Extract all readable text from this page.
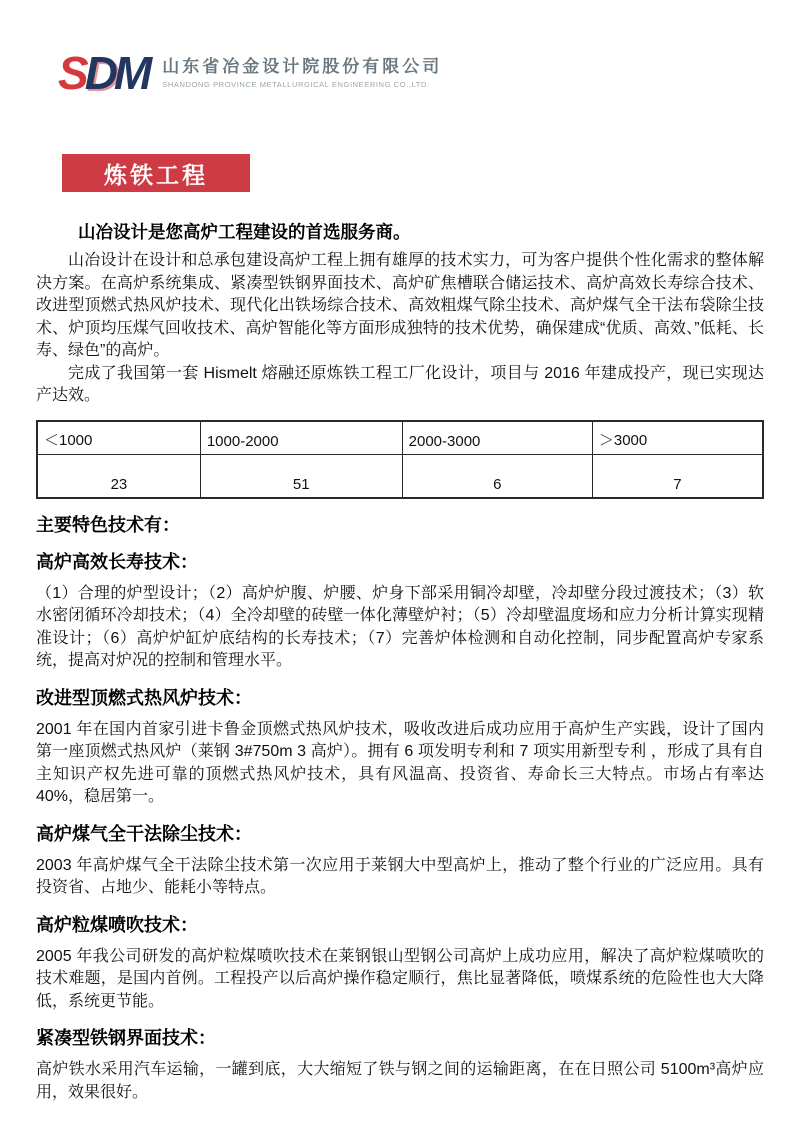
SDM 山东省冶金设计院股份有限公司
SHANDONG PROVINCE METALLURGICAL ENGINEERING CO.,LTD.
炼铁工程

山冶设计是您高炉工程建设的首选服务商。

山冶设计在设计和总承包建设高炉工程上拥有雄厚的技术实力，可为客户提供个性化需求的整体解决方案。在高炉系统集成、紧凑型铁钢界面技术、高炉矿焦槽联合储运技术、高炉高效长寿综合技术、改进型顶燃式热风炉技术、现代化出铁场综合技术、高效粗煤气除尘技术、高炉煤气全干法布袋除尘技术、炉顶均压煤气回收技术、高炉智能化等方面形成独特的技术优势，确保建成“优质、高效、”低耗、长寿、绿色”的高炉。

完成了我国第一套 Hismelt 熔融还原炼铁工程工厂化设计，项目与 2016 年建成投产，现已实现达产达效。

＜1000	1000-2000	2000-3000	＞3000
23	51	6	7
主要特色技术有：
高炉高效长寿技术：

（1）合理的炉型设计；（2）高炉炉腹、炉腰、炉身下部采用铜冷却壁，冷却壁分段过渡技术；（3）软水密闭循环冷却技术；（4）全冷却壁的砖壁一体化薄壁炉衬；（5）冷却壁温度场和应力分析计算实现精准设计；（6）高炉炉缸炉底结构的长寿技术；（7）完善炉体检测和自动化控制，同步配置高炉专家系统，提高对炉况的控制和管理水平。

改进型顶燃式热风炉技术：

2001 年在国内首家引进卡鲁金顶燃式热风炉技术，吸收改进后成功应用于高炉生产实践，设计了国内第一座顶燃式热风炉（莱钢 3#750m 3 高炉）。拥有 6 项发明专利和 7 项实用新型专利 ，形成了具有自主知识产权先进可靠的顶燃式热风炉技术，具有风温高、投资省、寿命长三大特点。市场占有率达 40%，稳居第一。

高炉煤气全干法除尘技术：

2003 年高炉煤气全干法除尘技术第一次应用于莱钢大中型高炉上，推动了整个行业的广泛应用。具有投资省、占地少、能耗小等特点。

高炉粒煤喷吹技术：

2005 年我公司研发的高炉粒煤喷吹技术在莱钢银山型钢公司高炉上成功应用，解决了高炉粒煤喷吹的技术难题，是国内首例。工程投产以后高炉操作稳定顺行，焦比显著降低，喷煤系统的危险性也大大降低，系统更节能。

紧凑型铁钢界面技术：

高炉铁水采用汽车运输，一罐到底，大大缩短了铁与钢之间的运输距离，在在日照公司 5100m³高炉应用，效果很好。
